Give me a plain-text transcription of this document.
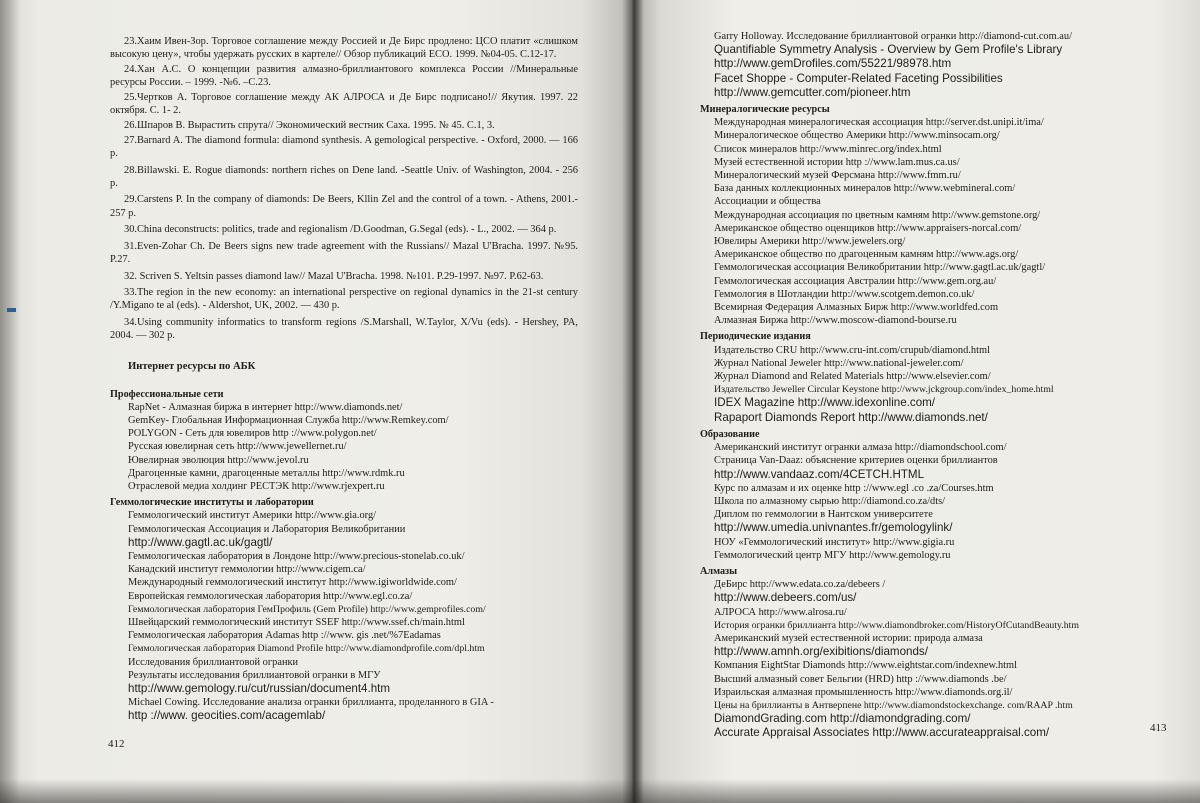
23.Хаим Ивен-Зор. Торговое соглашение между Россией и Де Бирс продлено: ЦСО платит «слишком высокую цену», чтобы удержать русских в картеле// Обзор публикаций ECO. 1999. №04-05. C.12-17.

24.Хан А.С. О концепции развития алмазно-бриллиантового комплекса России //Минеральные ресурсы России. – 1999. -№6. –С.23.

25.Чертков А. Торговое соглашение между АК АЛРОСА и Де Бирс подписано!// Якутия. 1997. 22 октября. С. 1- 2.

26.Шпаров В. Вырастить спрута// Экономический вестник Саха. 1995. № 45. C.1, 3.

27.Barnard A. The diamond formula: diamond synthesis. A gemological perspective. - Oxford, 2000. — 166 p.

28.Billawski. E. Rogue diamonds: northern riches on Dene land. -Seattle Univ. of Washington, 2004. - 256 p.

29.Carstens P. In the company of diamonds: De Beers, Kllin Zel and the control of a town. - Athens, 2001.- 257 p.

30.China deconstructs: politics, trade and regionalism /D.Goodman, G.Segal (eds). - L., 2002. — 364 p.

31.Even-Zohar Ch. De Beers signs new trade agreement with the Russians// Mazal U'Bracha. 1997. №95. P.27.

32. Scriven S. Yeltsin passes diamond law// Mazal U'Bracha. 1998. №101. P.29-1997. №97. P.62-63.

33.The region in the new economy: an international perspective on regional dynamics in the 21-st century /Y.Migano te al (eds). - Aldershot, UK, 2002. — 430 p.

34.Using community informatics to transform regions /S.Marshall, W.Taylor, X/Vu (eds). - Hershey, PA, 2004. — 302 p.

Интернет ресурсы по АБК
Профессиональные сети
RapNet - Алмазная биржа в интернет http://www.diamonds.net/
GemKey- Глобальная Информационная Служба http://www.Remkey.com/
POLYGON - Сеть для ювелиров http ://www.polygon.net/
Русская ювелирная сеть http://www.jewellernet.ru/
Ювелирная эволюция http://www.jevol.ru
Драгоценные камни, драгоценные металлы http://www.rdmk.ru
Отраслевой медиа холдинг РЕСТЭК http://www.rjexpert.ru
Геммологические институты и лаборатории
Геммологический институт Америки http://www.gia.org/
Геммологическая Ассоциация и Лаборатория Великобритании
http://www.gagtl.ac.uk/gagtl/
Геммологическая лаборатория в Лондоне http://www.precious-stonelab.co.uk/
Канадский институт геммологии http://www.cigem.ca/
Международный геммологический институт http://www.igiworldwide.com/
Европейская геммологическая лаборатория http://www.egl.co.za/
Геммологическая лаборатория ГемПрофиль (Gem Profile) http://www.gemprofiles.com/
Швейцарский геммологический институт SSEF http://www.ssef.ch/main.html
Геммологическая лаборатория Adamas http ://www. gis .net/%7Eadamas
Геммологическая лаборатория Diamond Profile http://www.diamondprofile.com/dpl.htm
Исследования бриллиантовой огранки
Результаты исследования бриллиантовой огранки в МГУ
http://www.gemology.ru/cut/russian/document4.htm
Michael Cowing. Исследование анализа огранки бриллианта, проделанного в GIA -
http ://www. geocities.com/acagemlab/
412
Garry Holloway. Исследование бриллиантовой огранки http://diamond-cut.com.au/
Quantifiable Symmetry Analysis - Overview by Gem Profile's Library
http://www.gemDrofiles.com/55221/98978.htm
Facet Shoppe - Computer-Related Faceting Possibilities
http://www.gemcutter.com/pioneer.htm
Минералогические ресурсы
Международная минералогическая ассоциация http://server.dst.unipi.it/ima/
Минералогическое общество Америки http://www.minsocam.org/
Список минералов http://www.minrec.org/index.html
Музей естественной истории http ://www.lam.mus.ca.us/
Минералогический музей Ферсмана http://www.fmm.ru/
База данных коллекционных минералов http://www.webmineral.com/
Ассоциации и общества
Международная ассоциация по цветным камням http://www.gemstone.org/
Американское общество оценщиков http://www.appraisers-norcal.com/
Ювелиры Америки http://www.jewelers.org/
Американское общество по драгоценным камням http://www.ags.org/
Геммологическая ассоциация Великобритании http://www.gagtl.ac.uk/gagtl/
Геммологическая ассоциация Австралии http://www.gem.org.au/
Геммология в Шотландии http://www.scotgem.demon.co.uk/
Всемирная Федерация Алмазных Бирж http://www.worldfed.com
Алмазная Биржа http://www.moscow-diamond-bourse.ru
Периодические издания
Издательство CRU http://www.cru-int.com/crupub/diamond.html
Журнал National Jeweler http://www.national-jeweler.com/
Журнал Diamond and Related Materials http://www.elsevier.com/
Издательство Jeweller Circular Keystone http://www.jckgroup.com/index_home.html
IDEX Magazine http://www.idexonline.com/
Rapaport Diamonds Report http://www.diamonds.net/
Образование
Американский институт огранки алмаза http://diamondschool.com/
Страница Van-Daaz: объяснение критериев оценки бриллиантов
http://www.vandaaz.com/4CETCH.HTML
Курс по алмазам и их оценке http ://www.egl .co .za/Courses.htm
Школа по алмазному сырью http://diamond.co.za/dts/
Диплом по геммологии в Нантском университете
http://www.umedia.univnantes.fr/gemologylink/
НОУ «Геммологический институт» http://www.gigia.ru
Геммологический центр МГУ http://www.gemology.ru
Алмазы
ДеБирс http://www.edata.co.za/debeers /
http://www.debeers.com/us/
АЛРОСА http://www.alrosa.ru/
История огранки бриллианта http://www.diamondbroker.com/HistoryOfCutandBeauty.htm
Американский музей естественной истории: природа алмаза
http://www.amnh.org/exibitions/diamonds/
Компания EightStar Diamonds http://www.eightstar.com/indexnew.html
Высший алмазный совет Бельгии (HRD) http ://www.diamonds .be/
Израильская алмазная промышленность http://www.diamonds.org.il/
Цены на бриллианты в Антверпене http://www.diamondstockexchange. com/RAAP .htm
DiamondGrading.com http://diamondgrading.com/
Accurate Appraisal Associates http://www.accurateappraisal.com/	413
